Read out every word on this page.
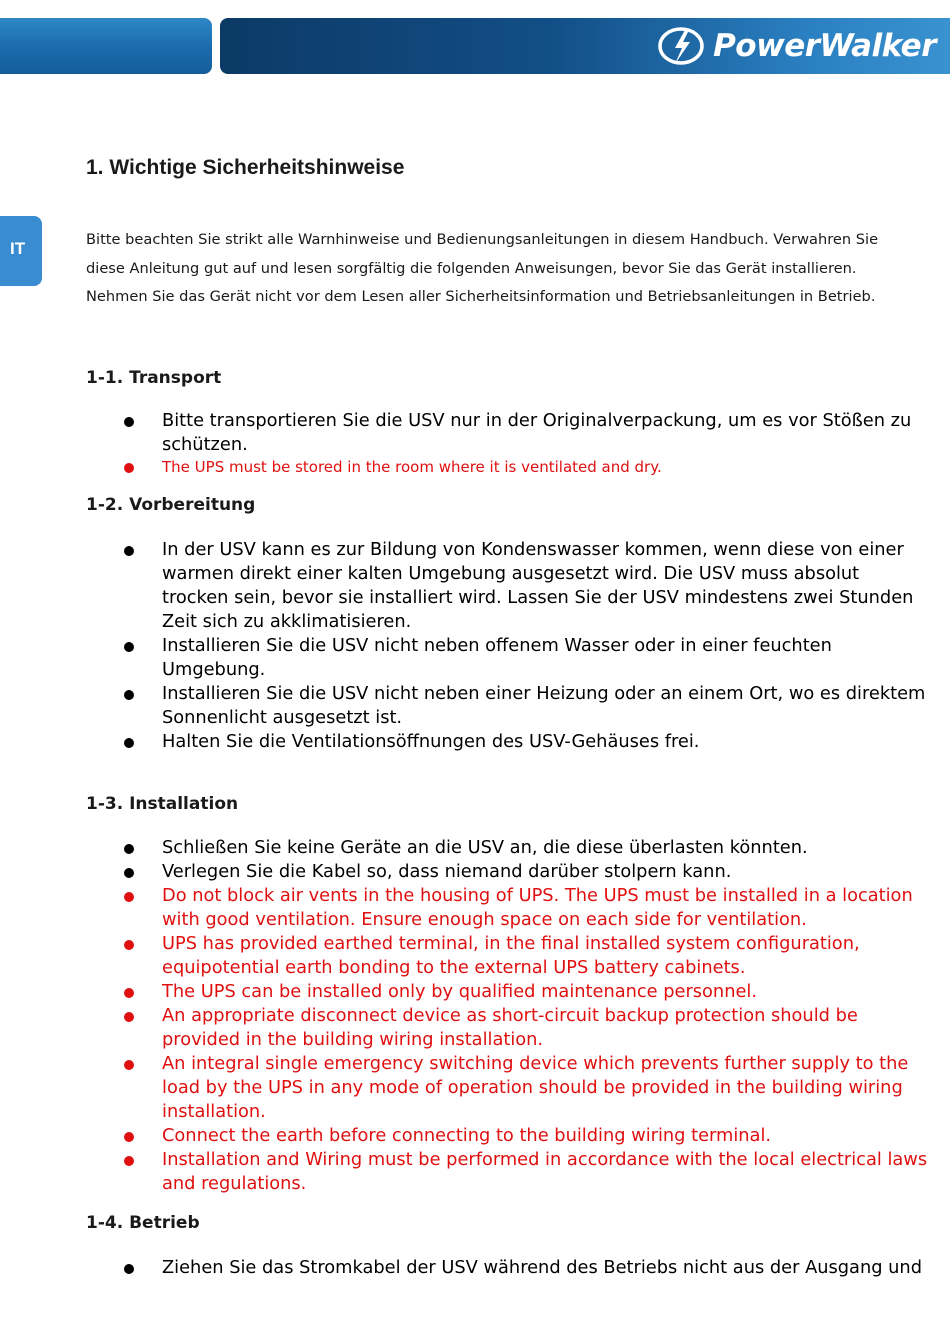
PowerWalker
IT
1. Wichtige Sicherheitshinweise

Bitte beachten Sie strikt alle Warnhinweise und Bedienungsanleitungen in diesem Handbuch. Verwahren Sie

diese Anleitung gut auf und lesen sorgfältig die folgenden Anweisungen, bevor Sie das Gerät installieren.

Nehmen Sie das Gerät nicht vor dem Lesen aller Sicherheitsinformation und Betriebsanleitungen in Betrieb.

1-1. Transport
Bitte transportieren Sie die USV nur in der Originalverpackung, um es vor Stößen zu
schützen.
The UPS must be stored in the room where it is ventilated and dry.
1-2. Vorbereitung
In der USV kann es zur Bildung von Kondenswasser kommen, wenn diese von einer
warmen direkt einer kalten Umgebung ausgesetzt wird. Die USV muss absolut
trocken sein, bevor sie installiert wird. Lassen Sie der USV mindestens zwei Stunden
Zeit sich zu akklimatisieren.
Installieren Sie die USV nicht neben offenem Wasser oder in einer feuchten
Umgebung.
Installieren Sie die USV nicht neben einer Heizung oder an einem Ort, wo es direktem
Sonnenlicht ausgesetzt ist.
Halten Sie die Ventilationsöffnungen des USV-Gehäuses frei.
1-3. Installation
Schließen Sie keine Geräte an die USV an, die diese überlasten könnten.
Verlegen Sie die Kabel so, dass niemand darüber stolpern kann.
Do not block air vents in the housing of UPS. The UPS must be installed in a location
with good ventilation. Ensure enough space on each side for ventilation.
UPS has provided earthed terminal, in the final installed system configuration,
equipotential earth bonding to the external UPS battery cabinets.
The UPS can be installed only by qualified maintenance personnel.
An appropriate disconnect device as short-circuit backup protection should be
provided in the building wiring installation.
An integral single emergency switching device which prevents further supply to the
load by the UPS in any mode of operation should be provided in the building wiring
installation.
Connect the earth before connecting to the building wiring terminal.
Installation and Wiring must be performed in accordance with the local electrical laws
and regulations.
1-4. Betrieb
Ziehen Sie das Stromkabel der USV während des Betriebs nicht aus der Ausgang und
